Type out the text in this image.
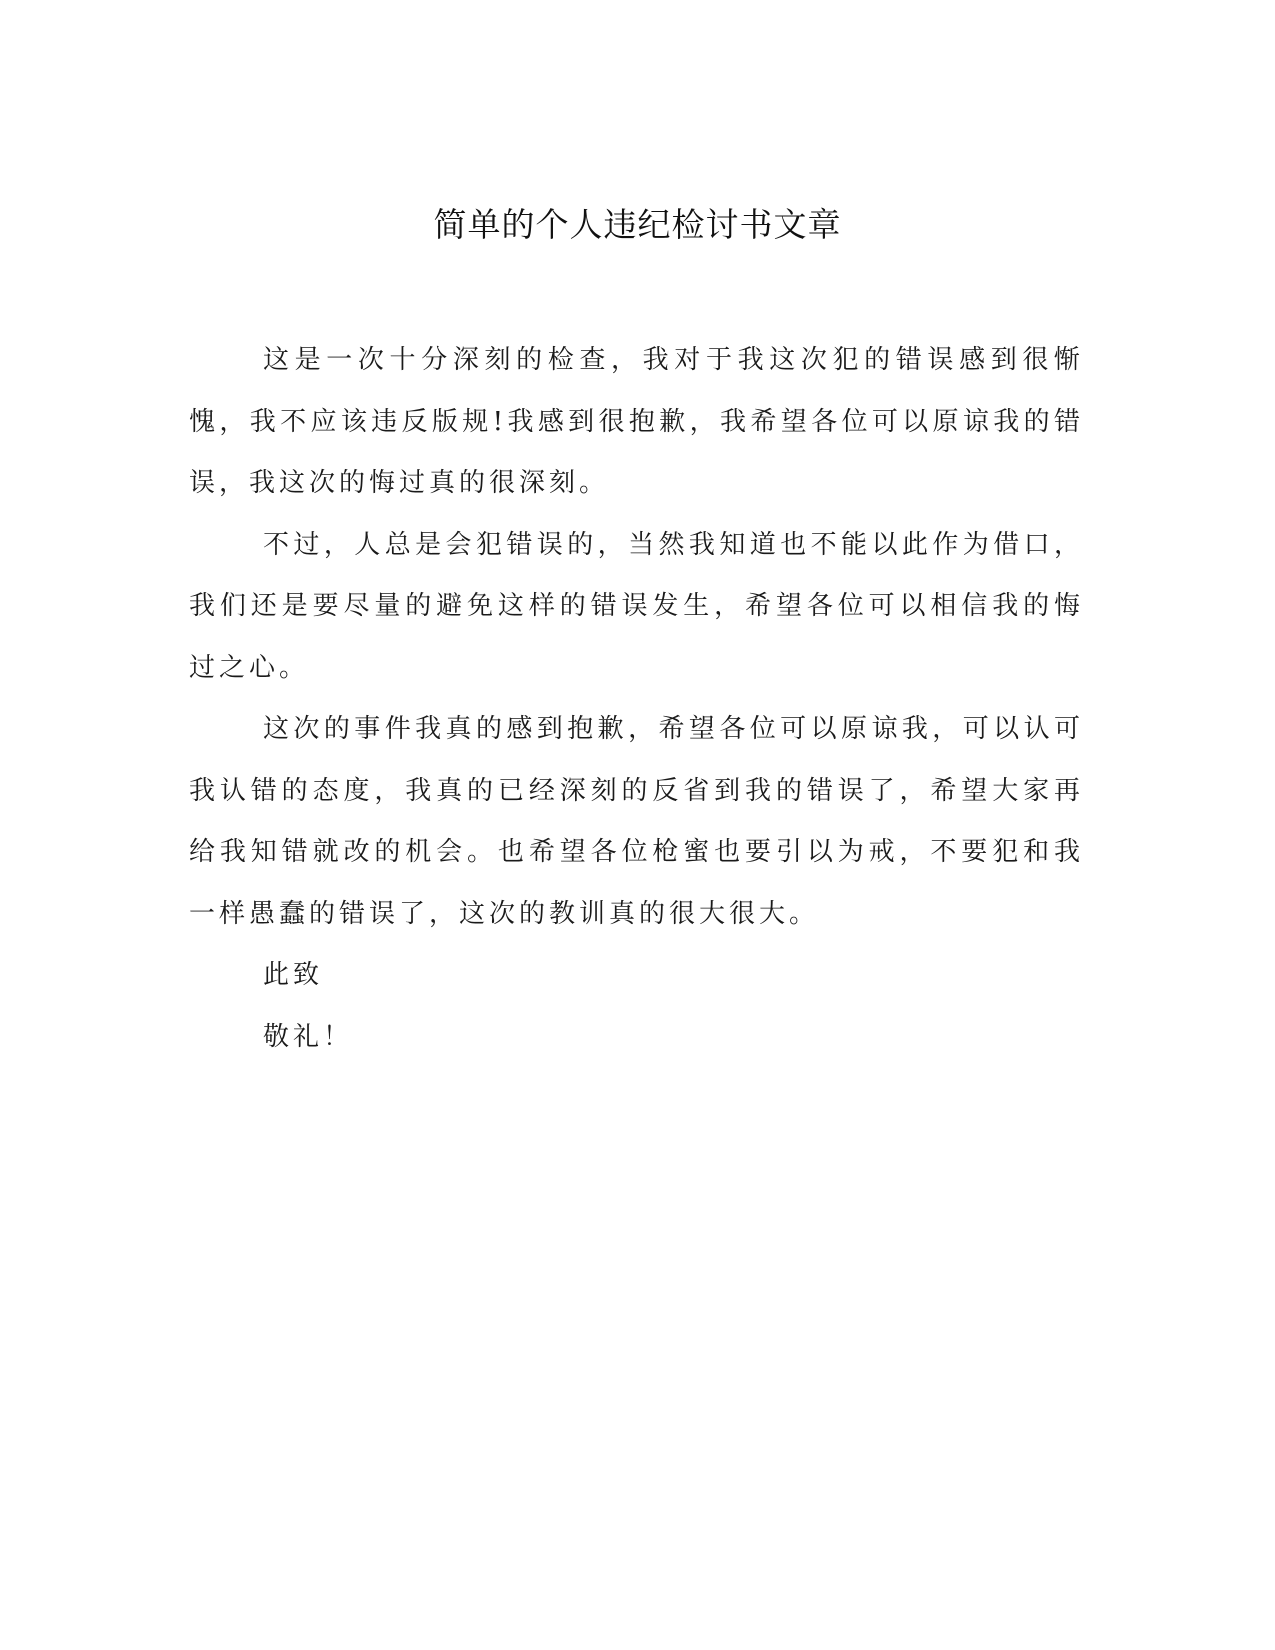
简单的个人违纪检讨书文章

这是一次十分深刻的检查，我对于我这次犯的错误感到很惭愧，我不应该违反版规!我感到很抱歉，我希望各位可以原谅我的错误，我这次的悔过真的很深刻。

不过，人总是会犯错误的，当然我知道也不能以此作为借口，我们还是要尽量的避免这样的错误发生，希望各位可以相信我的悔过之心。

这次的事件我真的感到抱歉，希望各位可以原谅我，可以认可我认错的态度，我真的已经深刻的反省到我的错误了，希望大家再给我知错就改的机会。也希望各位枪蜜也要引以为戒，不要犯和我一样愚蠢的错误了，这次的教训真的很大很大。

此致

敬礼！
